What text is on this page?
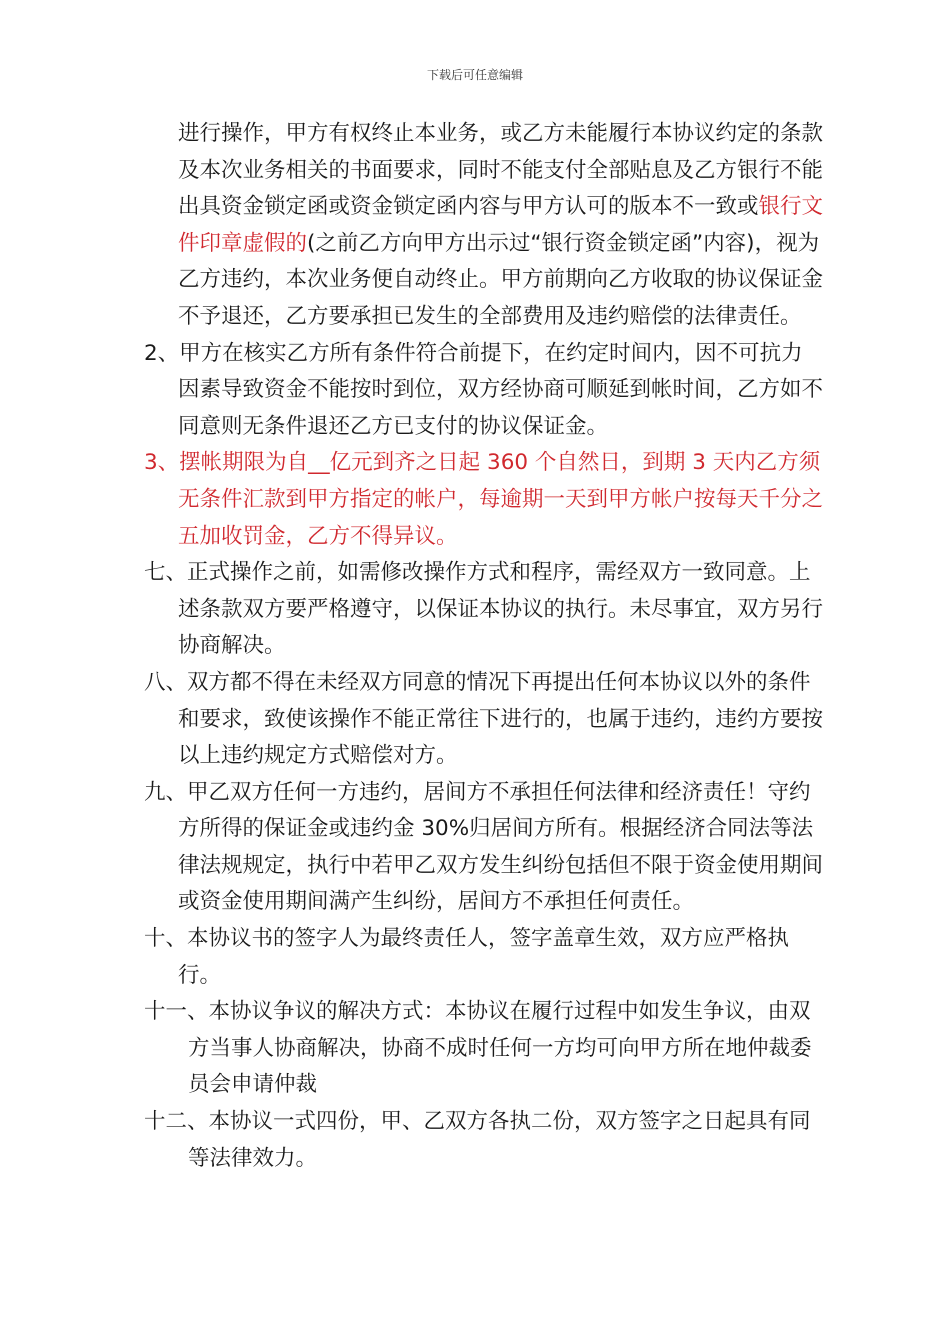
下载后可任意编辑

进行操作，甲方有权终止本业务，或乙方未能履行本协议约定的条款及本次业务相关的书面要求，同时不能支付全部贴息及乙方银行不能出具资金锁定函或资金锁定函内容与甲方认可的版本不一致或银行文件印章虚假的(之前乙方向甲方出示过“银行资金锁定函”内容)，视为乙方违约，本次业务便自动终止。甲方前期向乙方收取的协议保证金不予退还，乙方要承担已发生的全部费用及违约赔偿的法律责任。

2、甲方在核实乙方所有条件符合前提下，在约定时间内，因不可抗力因素导致资金不能按时到位，双方经协商可顺延到帐时间，乙方如不同意则无条件退还乙方已支付的协议保证金。

3、摆帐期限为自__亿元到齐之日起 360 个自然日，到期 3 天内乙方须无条件汇款到甲方指定的帐户，每逾期一天到甲方帐户按每天千分之五加收罚金，乙方不得异议。

七、正式操作之前，如需修改操作方式和程序，需经双方一致同意。上述条款双方要严格遵守，以保证本协议的执行。未尽事宜，双方另行协商解决。

八、双方都不得在未经双方同意的情况下再提出任何本协议以外的条件和要求，致使该操作不能正常往下进行的，也属于违约，违约方要按以上违约规定方式赔偿对方。

九、甲乙双方任何一方违约，居间方不承担任何法律和经济责任！守约方所得的保证金或违约金 30%归居间方所有。根据经济合同法等法律法规规定，执行中若甲乙双方发生纠纷包括但不限于资金使用期间或资金使用期间满产生纠纷，居间方不承担任何责任。

十、本协议书的签字人为最终责任人，签字盖章生效，双方应严格执行。

十一、本协议争议的解决方式：本协议在履行过程中如发生争议，由双方当事人协商解决，协商不成时任何一方均可向甲方所在地仲裁委员会申请仲裁

十二、本协议一式四份，甲、乙双方各执二份，双方签字之日起具有同等法律效力。
